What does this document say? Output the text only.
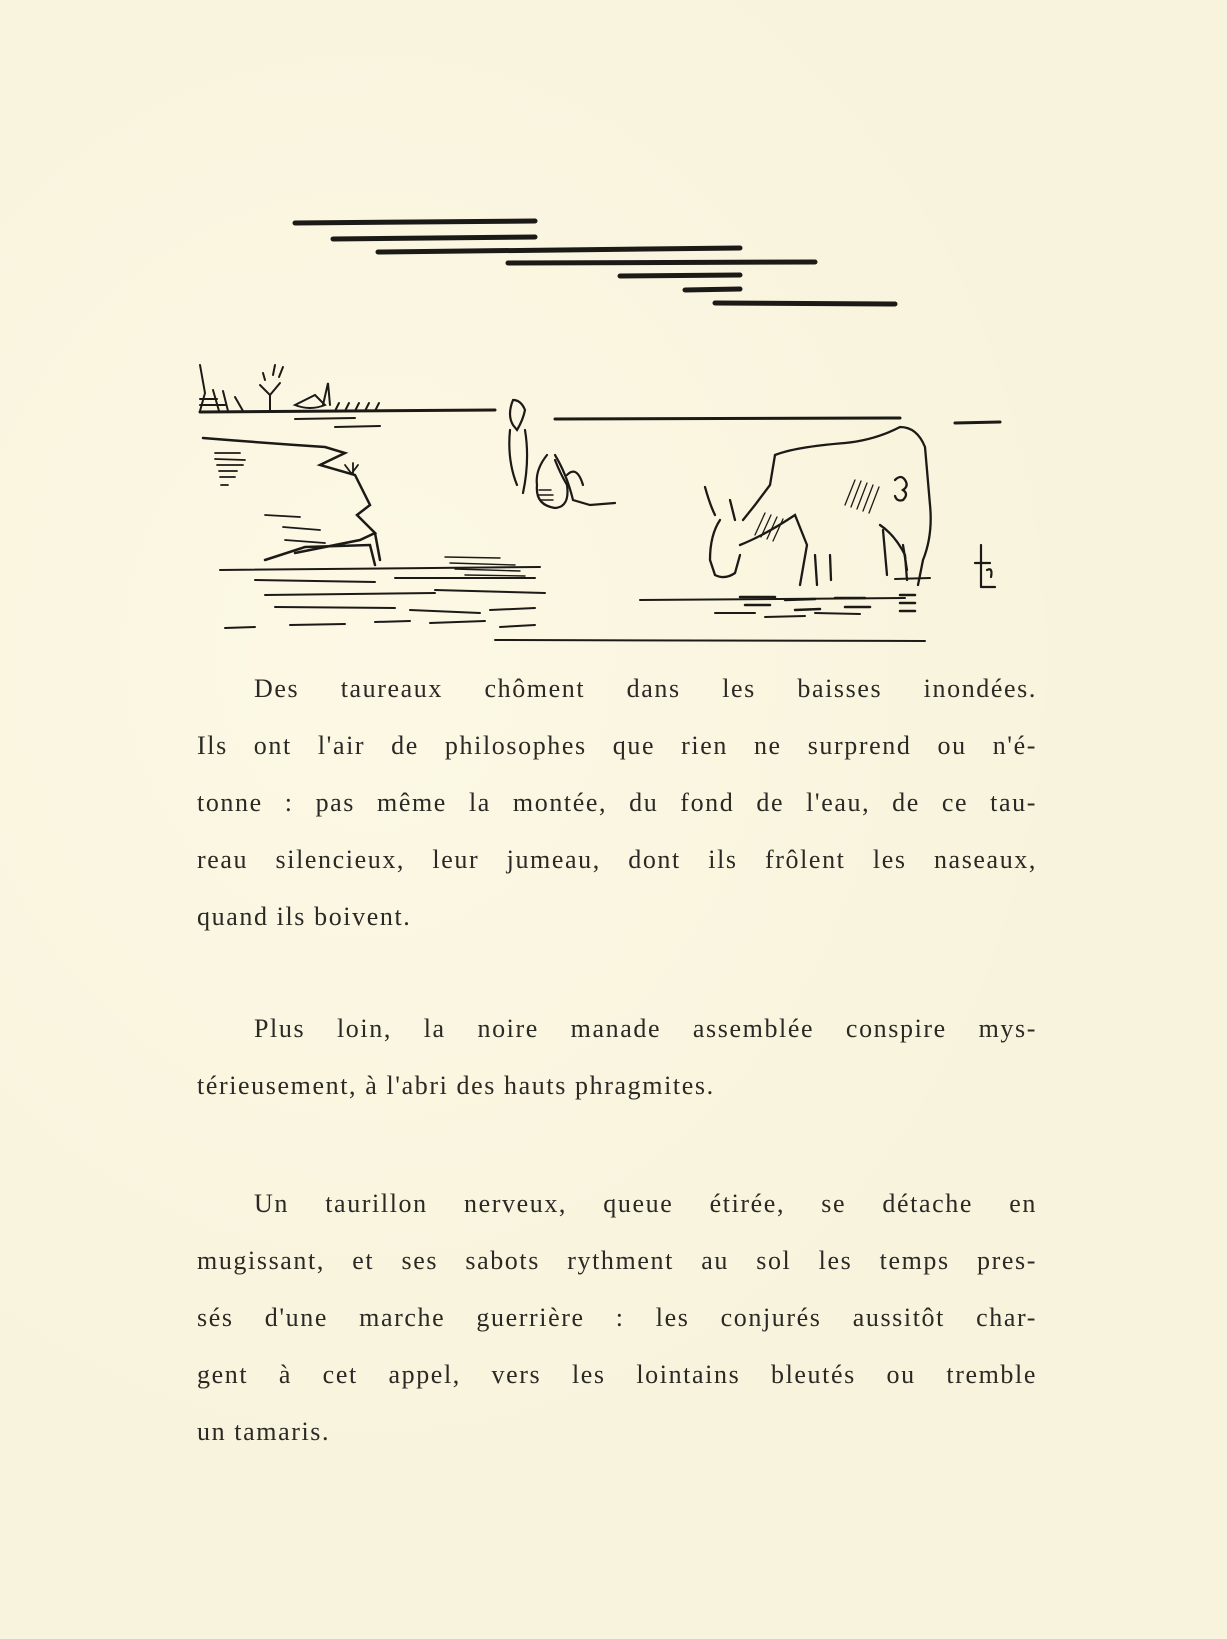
Des taureaux chôment dans les baisses inondées.
Ils ont l'air de philosophes que rien ne surprend ou n'é-
tonne : pas même la montée, du fond de l'eau, de ce tau-
reau silencieux, leur jumeau, dont ils frôlent les naseaux,
quand ils boivent.
Plus loin, la noire manade assemblée conspire mys-
térieusement, à l'abri des hauts phragmites.
Un taurillon nerveux, queue étirée, se détache en
mugissant, et ses sabots rythment au sol les temps pres-
sés d'une marche guerrière : les conjurés aussitôt char-
gent à cet appel, vers les lointains bleutés ou tremble
un tamaris.
